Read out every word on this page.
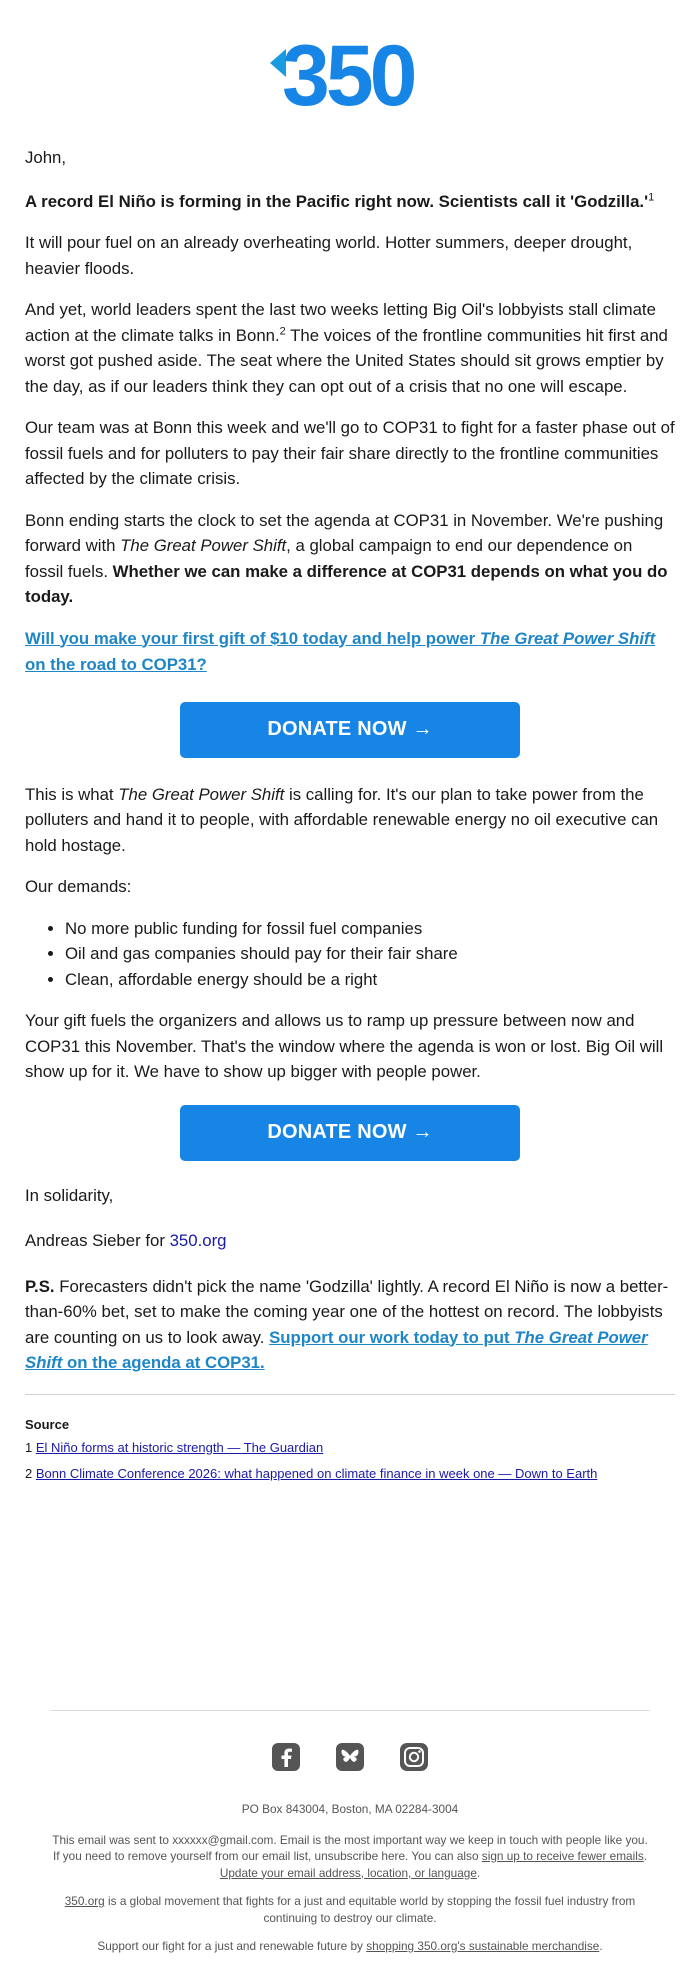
350

John,

A record El Niño is forming in the Pacific right now. Scientists call it '$Godzilla.'^1$

It will pour fuel on an already overheating world. Hotter summers, deeper drought, heavier floods.

And yet, world leaders spent the last two weeks letting Big Oil's lobbyists stall climate action at the climate talks in Bonn.$^2$ The voices of the frontline communities hit first and worst got pushed aside. The seat where the United States should sit grows emptier by the day, as if our leaders think they can opt out of a crisis that no one will escape.

Our team was at Bonn this week and we'll go to COP31 to fight for a faster phase out of fossil fuels and for polluters to pay their fair share directly to the frontline communities affected by the climate crisis.

Bonn ending starts the clock to set the agenda at COP31 in November. We're pushing forward with The Great Power Shift, a global campaign to end our dependence on fossil fuels. Whether we can make a difference at COP31 depends on what you do today.

Will you make your first gift of $10 today and help power The Great Power Shift on the road to COP31?
DONATE NOW →

This is what The Great Power Shift is calling for. It's our plan to take power from the polluters and hand it to people, with affordable renewable energy no oil executive can hold hostage.

Our demands:

• No more public funding for fossil fuel companies
• Oil and gas companies should pay for their fair share
• Clean, affordable energy should be a right

Your gift fuels the organizers and allows us to ramp up pressure between now and COP31 this November. That's the window where the agenda is won or lost. Big Oil will show up for it. We have to show up bigger with people power.

DONATE NOW →

In solidarity,

Andreas Sieber for 350.org

P.S. Forecasters didn't pick the name 'Godzilla' lightly. A record El Niño is now a better-than-60% bet, set to make the coming year one of the hottest on record. The lobbyists are counting on us to look away. Support our work today to put The Great Power Shift on the agenda at COP31.

Source

1 El Niño forms at historic strength — The Guardian

2 Bonn Climate Conference 2026: what happened on climate finance in week one — Down to Earth

PO Box 843004, Boston, MA 02284-3004

This email was sent to xxxxxx@gmail.com. Email is the most important way we keep in touch with people like you. If you need to remove yourself from our email list, unsubscribe here. You can also sign up to receive fewer emails. Update your email address, location, or language.

350.org is a global movement that fights for a just and equitable world by stopping the fossil fuel industry from continuing to destroy our climate.

Support our fight for a just and renewable future by shopping 350.org's sustainable merchandise.
